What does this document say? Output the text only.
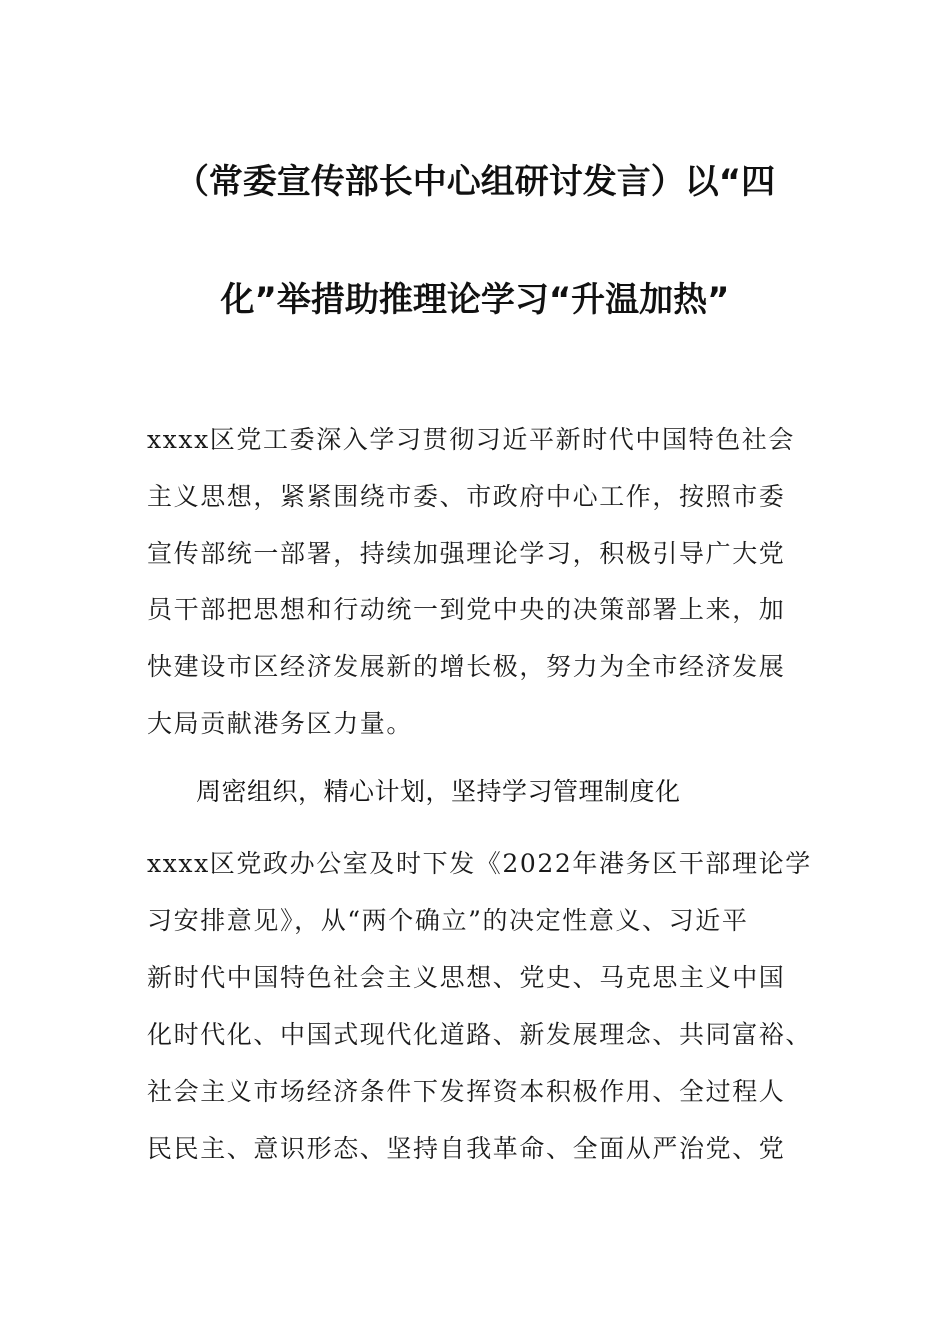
（常委宣传部长中心组研讨发言）以“四
化”举措助推理论学习“升温加热”
xxxx区党工委深入学习贯彻习近平新时代中国特色社会
主义思想，紧紧围绕市委、市政府中心工作，按照市委
宣传部统一部署，持续加强理论学习，积极引导广大党
员干部把思想和行动统一到党中央的决策部署上来，加
快建设市区经济发展新的增长极，努力为全市经济发展
大局贡献港务区力量。
周密组织，精心计划，坚持学习管理制度化
xxxx区党政办公室及时下发《2022年港务区干部理论学
习安排意见》，从“两个确立”的决定性意义、习近平
新时代中国特色社会主义思想、党史、马克思主义中国
化时代化、中国式现代化道路、新发展理念、共同富裕、
社会主义市场经济条件下发挥资本积极作用、全过程人
民民主、意识形态、坚持自我革命、全面从严治党、党
